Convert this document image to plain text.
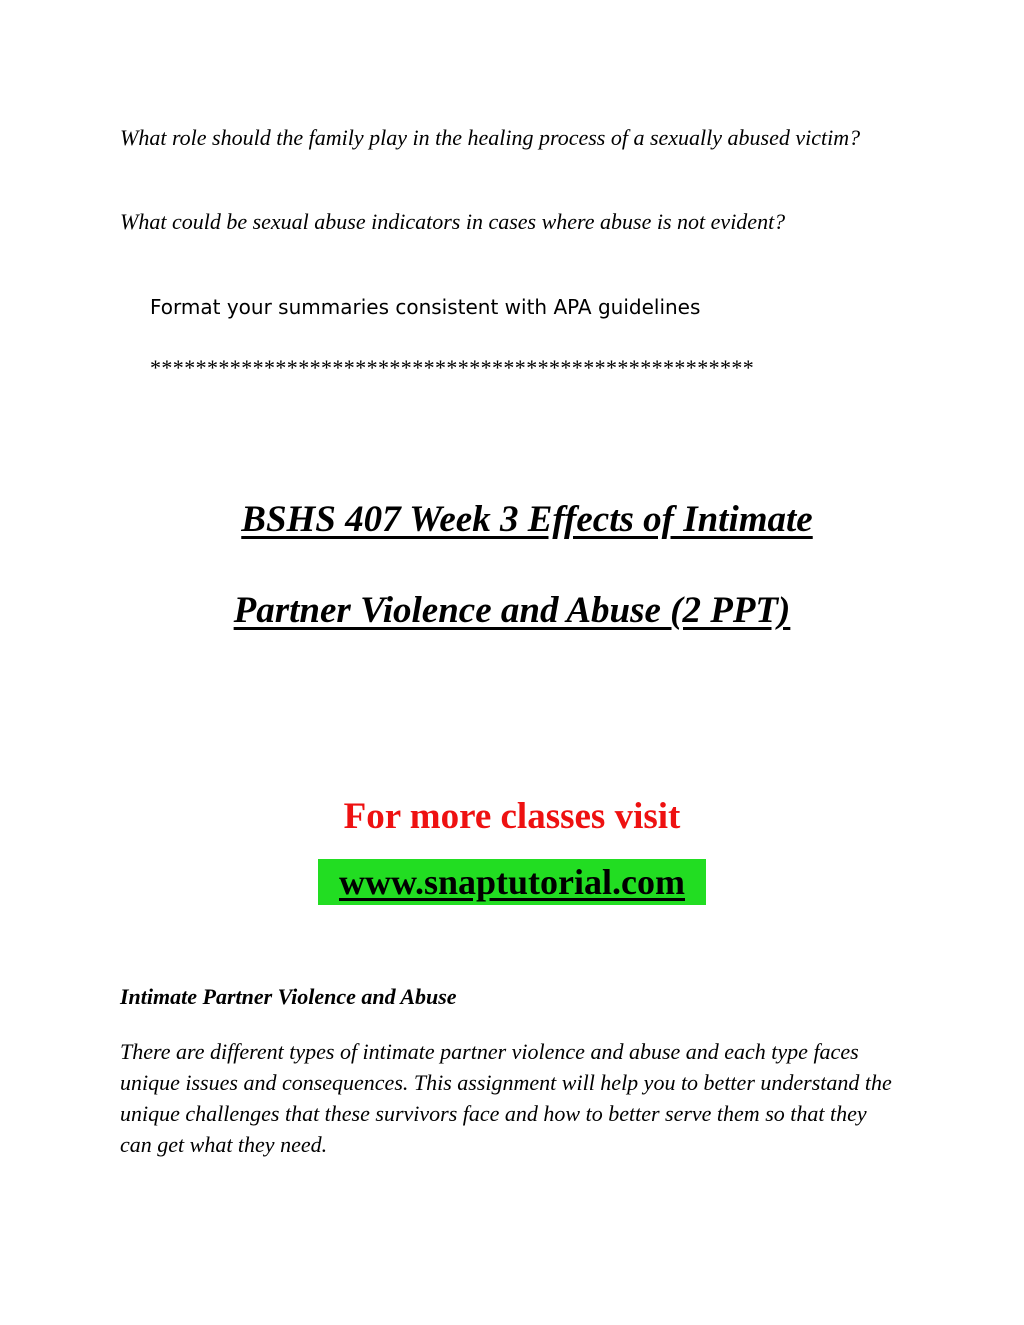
What role should the family play in the healing process of a sexually abused victim?

What could be sexual abuse indicators in cases where abuse is not evident?

Format your summaries consistent with APA guidelines

*****************************************************

BSHS 407 Week 3 Effects of Intimate
Partner Violence and Abuse (2 PPT)

For more classes visit

www.snaptutorial.com

Intimate Partner Violence and Abuse

There are different types of intimate partner violence and abuse and each type faces unique issues and consequences. This assignment will help you to better understand the unique challenges that these survivors face and how to better serve them so that they can get what they need.
